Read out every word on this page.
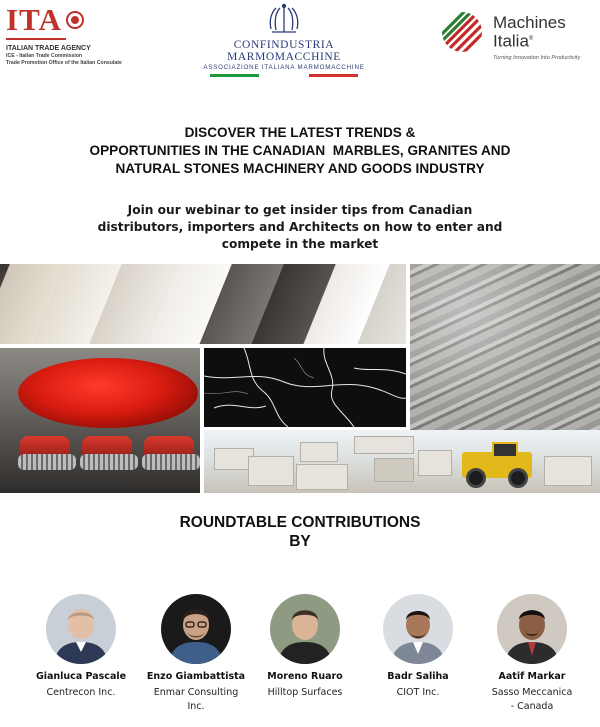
ITA
ITALIAN TRADE AGENCY
ICE - Italian Trade Commission
Trade Promotion Office of the Italian Consulate
CONFINDUSTRIA MARMOMACCHINE
ASSOCIAZIONE ITALIANA MARMOMACCHINE
Machines
Italia®
Turning Innovation Into Productivity
DISCOVER THE LATEST TRENDS &
OPPORTUNITIES IN THE CANADIAN  MARBLES, GRANITES AND
NATURAL STONES MACHINERY AND GOODS INDUSTRY
Join our webinar to get insider tips from Canadian
distributors, importers and Architects on how to enter and
compete in the market
ROUNDTABLE CONTRIBUTIONS
BY
Gianluca Pascale
Centrecon Inc.
Enzo Giambattista
Enmar Consulting
Inc.
Moreno Ruaro
Hilltop Surfaces
Badr Saliha
CIOT Inc.
Aatif Markar
Sasso Meccanica
- Canada
